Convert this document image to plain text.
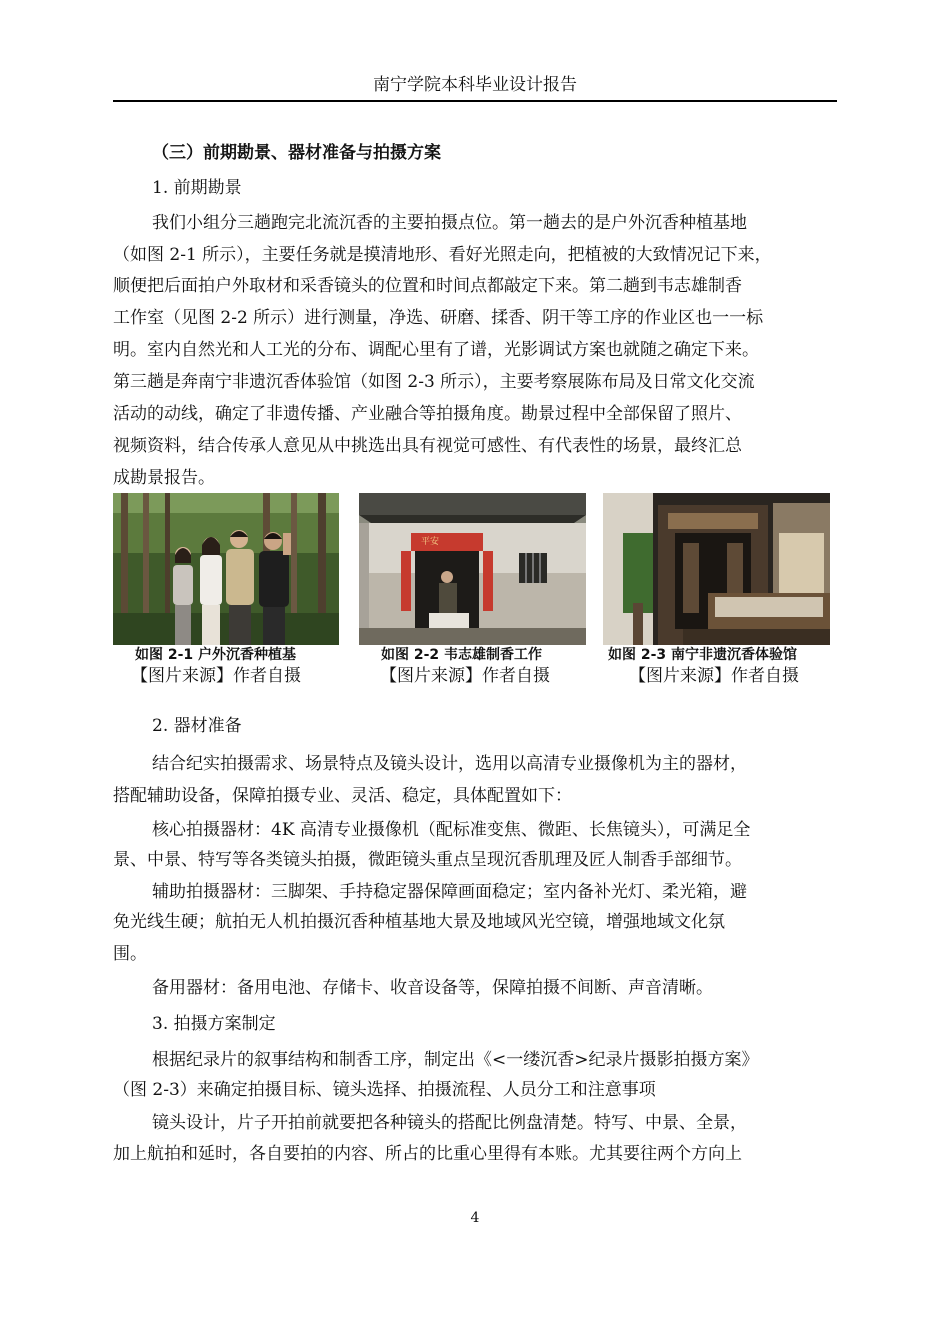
南宁学院本科毕业设计报告
（三）前期勘景、器材准备与拍摄方案
1. 前期勘景
我们小组分三趟跑完北流沉香的主要拍摄点位。第一趟去的是户外沉香种植基地
（如图 2-1 所示），主要任务就是摸清地形、看好光照走向，把植被的大致情况记下来，
顺便把后面拍户外取材和采香镜头的位置和时间点都敲定下来。第二趟到韦志雄制香
工作室（见图 2-2 所示）进行测量，净选、研磨、揉香、阴干等工序的作业区也一一标
明。室内自然光和人工光的分布、调配心里有了谱，光影调试方案也就随之确定下来。
第三趟是奔南宁非遗沉香体验馆（如图 2-3 所示），主要考察展陈布局及日常文化交流
活动的动线，确定了非遗传播、产业融合等拍摄角度。勘景过程中全部保留了照片、
视频资料，结合传承人意见从中挑选出具有视觉可感性、有代表性的场景，最终汇总
成勘景报告。
平安
如图 2-1 户外沉香种植基	如图 2-2 韦志雄制香工作	如图 2-3 南宁非遗沉香体验馆
【图片来源】作者自摄	【图片来源】作者自摄	【图片来源】作者自摄
2. 器材准备
结合纪实拍摄需求、场景特点及镜头设计，选用以高清专业摄像机为主的器材，
搭配辅助设备，保障拍摄专业、灵活、稳定，具体配置如下：
核心拍摄器材：4K 高清专业摄像机（配标准变焦、微距、长焦镜头），可满足全
景、中景、特写等各类镜头拍摄，微距镜头重点呈现沉香肌理及匠人制香手部细节。
辅助拍摄器材：三脚架、手持稳定器保障画面稳定；室内备补光灯、柔光箱，避
免光线生硬；航拍无人机拍摄沉香种植基地大景及地域风光空镜，增强地域文化氛
围。
备用器材：备用电池、存储卡、收音设备等，保障拍摄不间断、声音清晰。
3. 拍摄方案制定
根据纪录片的叙事结构和制香工序，制定出《<一缕沉香>纪录片摄影拍摄方案》
（图 2-3）来确定拍摄目标、镜头选择、拍摄流程、人员分工和注意事项
镜头设计，片子开拍前就要把各种镜头的搭配比例盘清楚。特写、中景、全景，
加上航拍和延时，各自要拍的内容、所占的比重心里得有本账。尤其要往两个方向上
4
